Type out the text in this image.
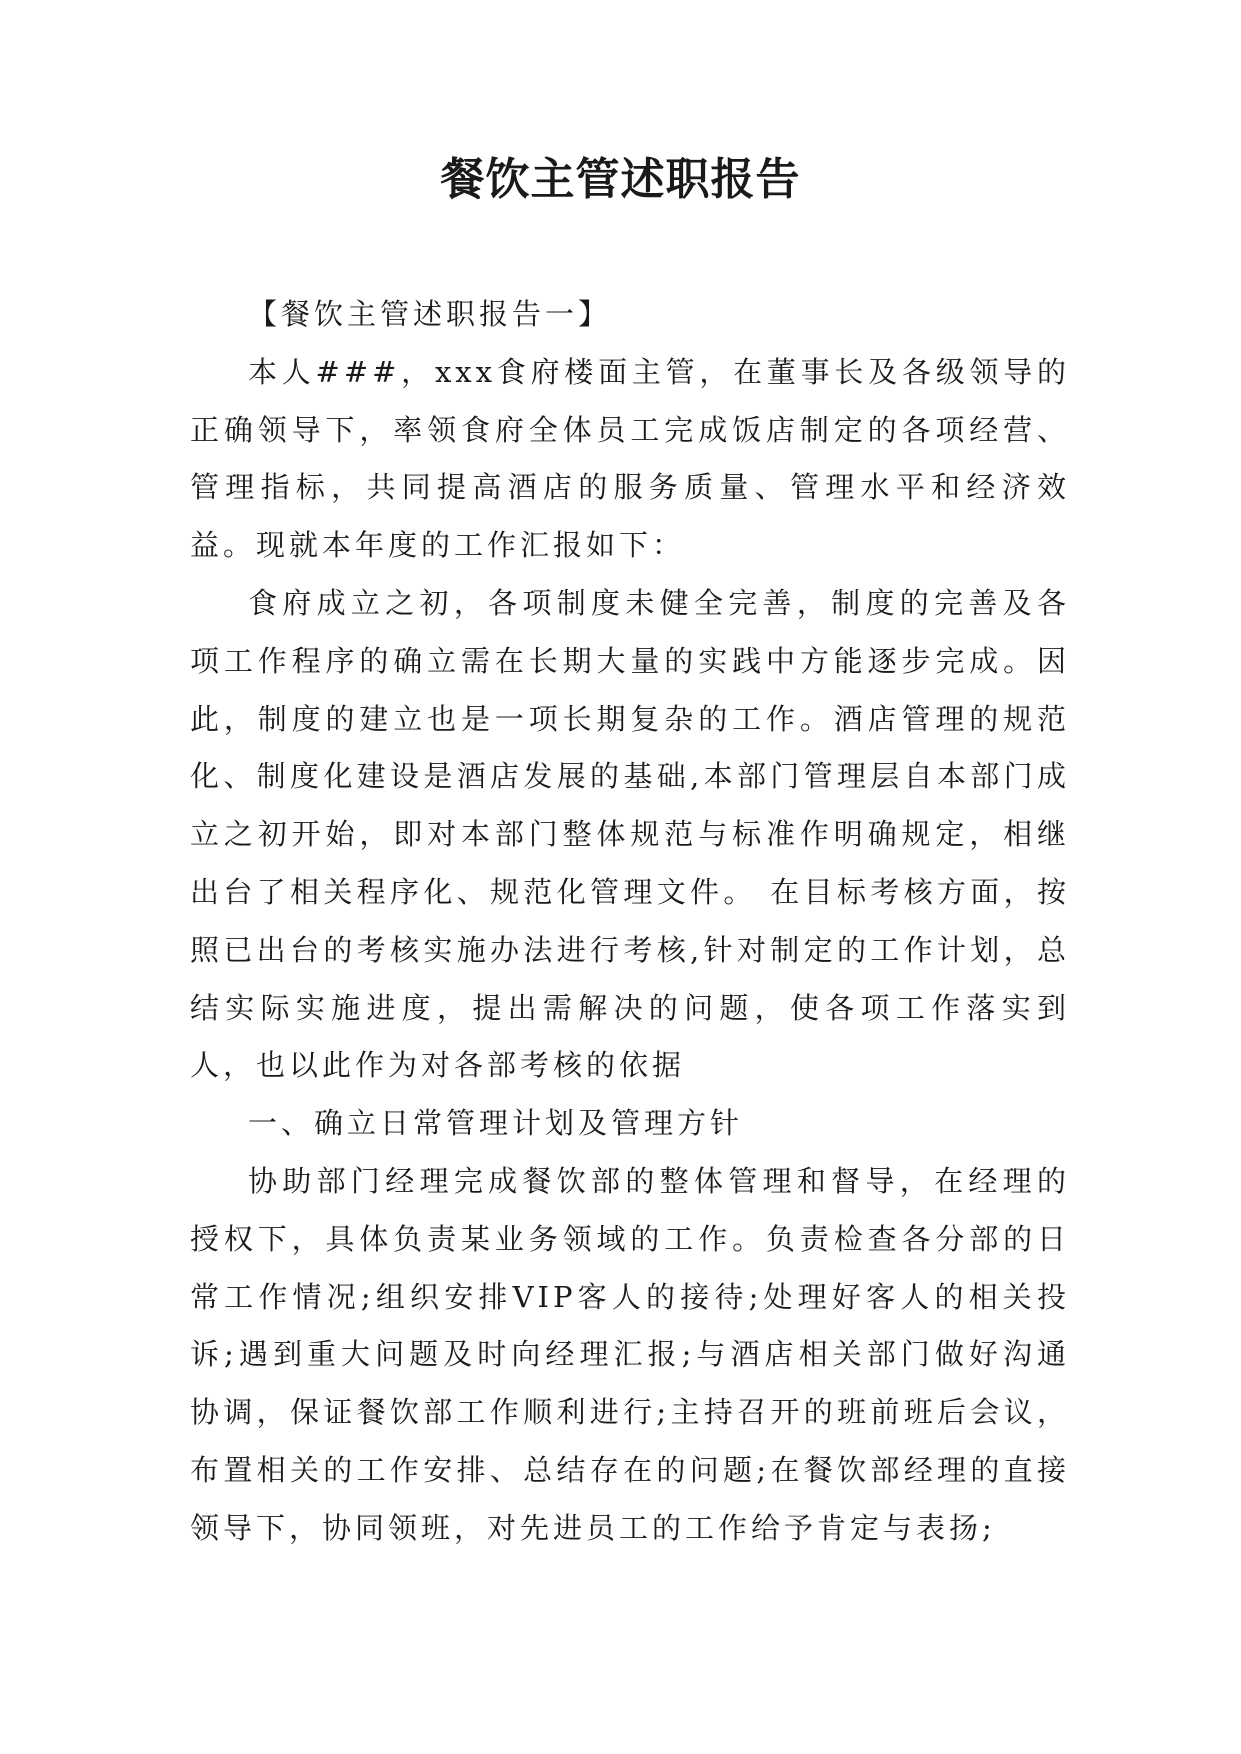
餐饮主管述职报告

【餐饮主管述职报告一】

本人###，xxx食府楼面主管，在董事长及各级领导的正确领导下，率领食府全体员工完成饭店制定的各项经营、管理指标，共同提高酒店的服务质量、管理水平和经济效益。现就本年度的工作汇报如下：

食府成立之初，各项制度未健全完善，制度的完善及各项工作程序的确立需在长期大量的实践中方能逐步完成。因此，制度的建立也是一项长期复杂的工作。酒店管理的规范化、制度化建设是酒店发展的基础,本部门管理层自本部门成立之初开始，即对本部门整体规范与标准作明确规定，相继出台了相关程序化、规范化管理文件。 在目标考核方面，按照已出台的考核实施办法进行考核,针对制定的工作计划，总结实际实施进度，提出需解决的问题，使各项工作落实到人，也以此作为对各部考核的依据

一、确立日常管理计划及管理方针

协助部门经理完成餐饮部的整体管理和督导，在经理的授权下，具体负责某业务领域的工作。负责检查各分部的日常工作情况;组织安排VIP客人的接待;处理好客人的相关投诉;遇到重大问题及时向经理汇报;与酒店相关部门做好沟通协调，保证餐饮部工作顺利进行;主持召开的班前班后会议，布置相关的工作安排、总结存在的问题;在餐饮部经理的直接领导下，协同领班，对先进员工的工作给予肯定与表扬;
